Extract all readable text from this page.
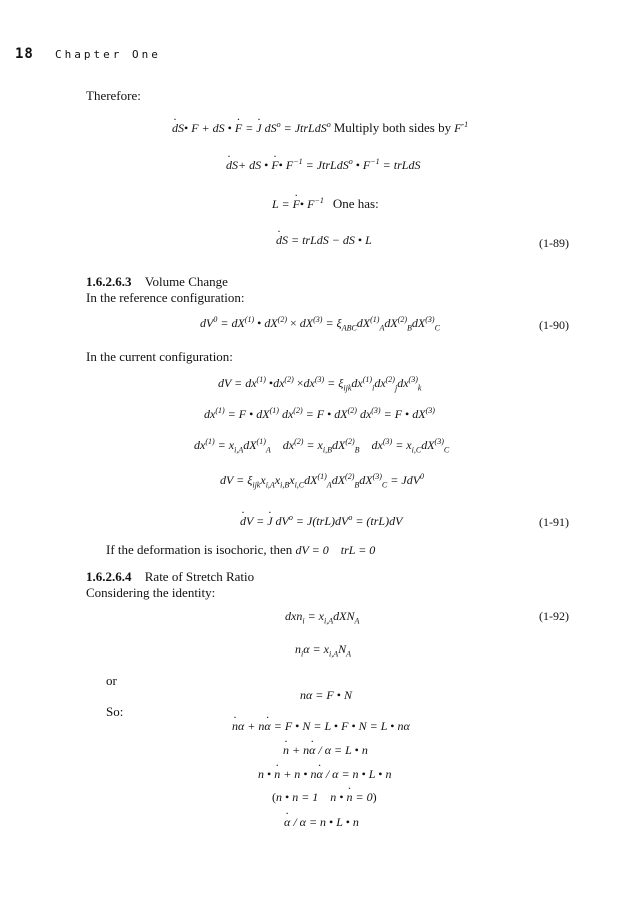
18 Chapter One
Therefore:
· dS• F + dS • · F = · J $dS^o$ = JtrLdS$^o$ Multiply both sides by $F^{-1}$
· dS+ dS • · F• $F^{-1}$ = JtrLdS$^o$ • $F^{-1}$ = trLdS
L = · F• $F^{-1}$ One has:
· dS = trLdS − dS • L	(1-89)
1.6.2.6.3 Volume Change
In the reference configuration:
$dV^0 = dX^{(1)}$ • $dX^{(2)} \times dX^{(3)} = \xi_{ABC}dX^{(1)}_AdX^{(2)}_BdX^{(3)}_C$	(1-90)
In the current configuration:
dV = $dx^{(1)}$ $•dx^{(2)} \times dx^{(3)} = \xi_{ijk}dx^{(1)}_idx^{(2)}_jdx^{(3)}_k$
$dx^{(1)} = F$ • $dX^{(1)}$ $dx^{(2)} = F$ • $dX^{(2)}$ $dx^{(3)} = F$ • $dX^{(3)}$
$dx^{(1)} = x_{i,A}dX^{(1)}_A$    $dx^{(2)} = x_{i,B}dX^{(2)}_B$    $dx^{(3)} = x_{i,C}dX^{(3)}_C$
dV = $\xi_{ijk}x_{i,A}x_{i,B}x_{i,C}dX^{(1)}_AdX^{(2)}_BdX^{(3)}_C = JdV^0$
· dV = · J $dV^o = J(trL)dV^o = (trL)dV$	(1-91)
If the deformation is isochoric, then dV = 0    trL = 0
1.6.2.6.4 Rate of Stretch Ratio
Considering the identity:
$dxn_i = x_{i,A}dXN_A$	(1-92)
$n_i\alpha = x_{i,A}N_A$
or
nα = F • N
So:
· nα + n· α = F • N = L • F • N = L • nα
· n + n· α / α = L • n
n • · n + n • n· α / α = n • L • n
(n • n = 1    n • · n = 0)
· α / α = n • L • n
